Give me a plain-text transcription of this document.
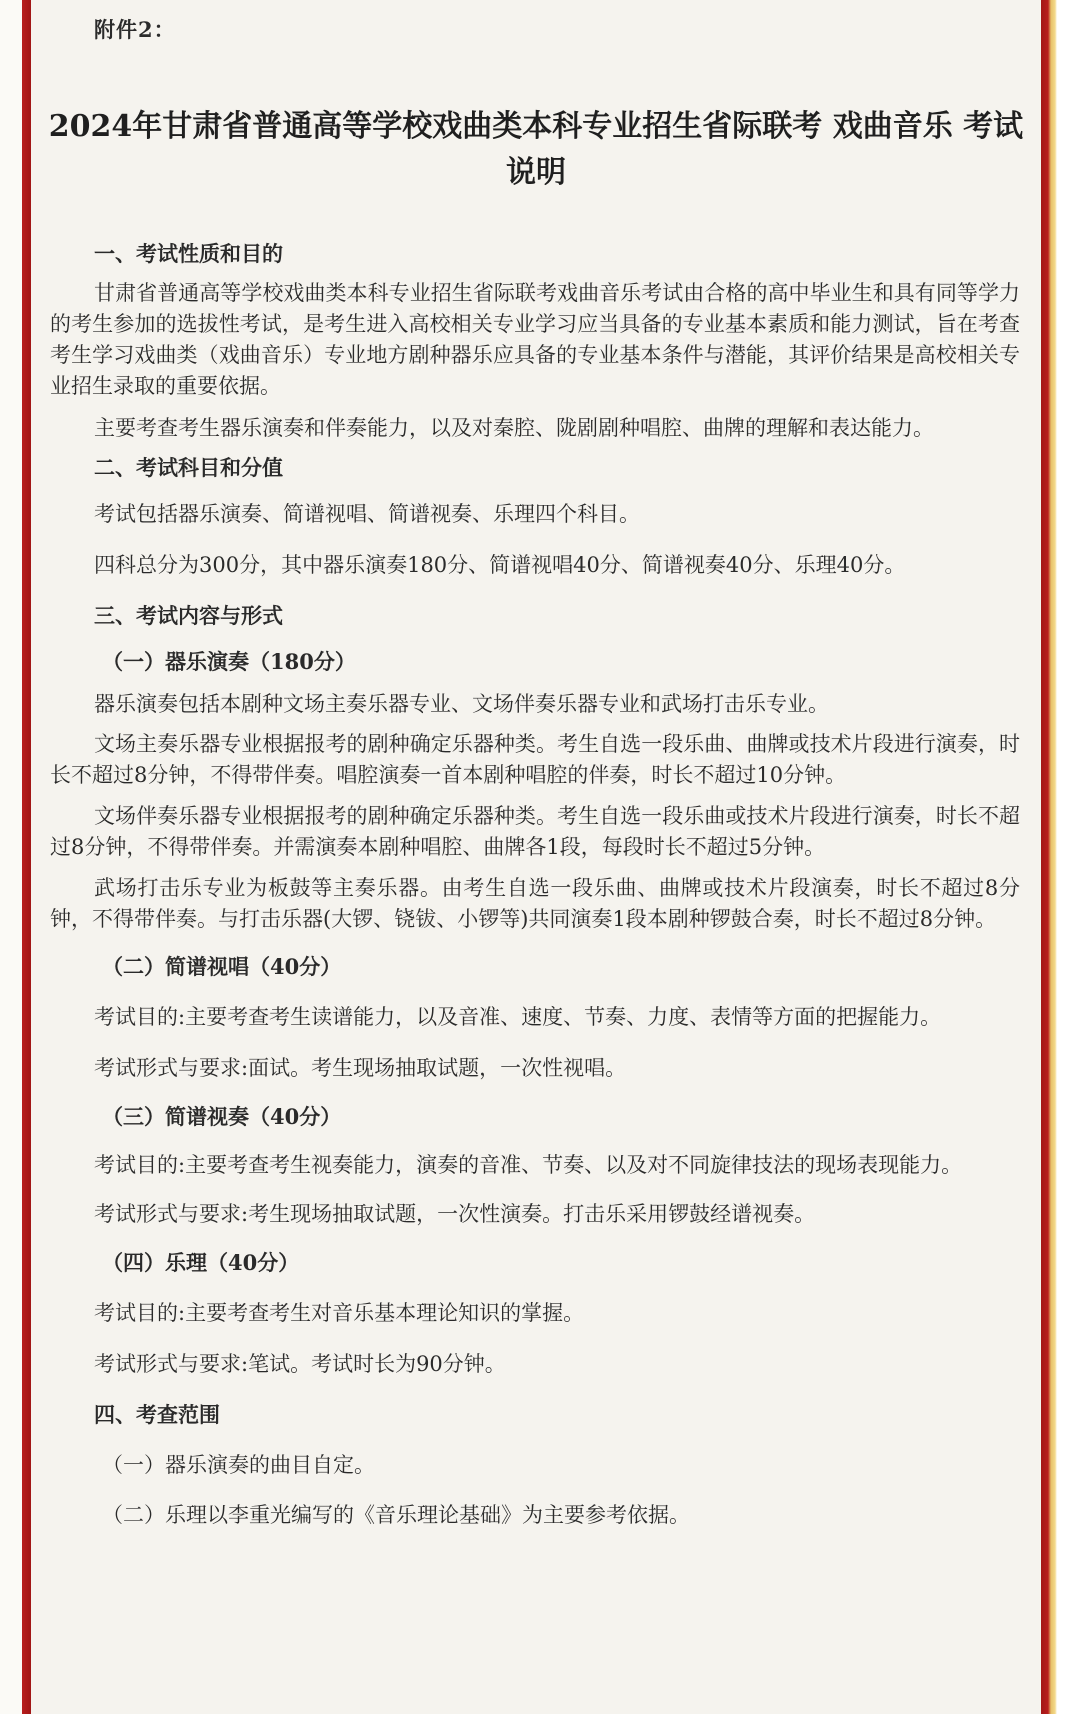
附件2：
2024年甘肃省普通高等学校戏曲类本科专业招生省际联考 戏曲音乐 考试
说明
一、考试性质和目的

甘肃省普通高等学校戏曲类本科专业招生省际联考戏曲音乐考试由合格的高中毕业生和具有同等学力的考生参加的选拔性考试，是考生进入高校相关专业学习应当具备的专业基本素质和能力测试，旨在考查考生学习戏曲类（戏曲音乐）专业地方剧种器乐应具备的专业基本条件与潜能，其评价结果是高校相关专业招生录取的重要依据。

主要考查考生器乐演奏和伴奏能力，以及对秦腔、陇剧剧种唱腔、曲牌的理解和表达能力。

二、考试科目和分值

考试包括器乐演奏、简谱视唱、简谱视奏、乐理四个科目。

四科总分为300分，其中器乐演奏180分、简谱视唱40分、简谱视奏40分、乐理40分。

三、考试内容与形式
（一）器乐演奏（180分）

器乐演奏包括本剧种文场主奏乐器专业、文场伴奏乐器专业和武场打击乐专业。

文场主奏乐器专业根据报考的剧种确定乐器种类。考生自选一段乐曲、曲牌或技术片段进行演奏，时长不超过8分钟，不得带伴奏。唱腔演奏一首本剧种唱腔的伴奏，时长不超过10分钟。

文场伴奏乐器专业根据报考的剧种确定乐器种类。考生自选一段乐曲或技术片段进行演奏，时长不超过8分钟，不得带伴奏。并需演奏本剧种唱腔、曲牌各1段，每段时长不超过5分钟。

武场打击乐专业为板鼓等主奏乐器。由考生自选一段乐曲、曲牌或技术片段演奏，时长不超过8分钟，不得带伴奏。与打击乐器(大锣、铙钹、小锣等)共同演奏1段本剧种锣鼓合奏，时长不超过8分钟。

（二）简谱视唱（40分）

考试目的:主要考查考生读谱能力，以及音准、速度、节奏、力度、表情等方面的把握能力。

考试形式与要求:面试。考生现场抽取试题，一次性视唱。

（三）简谱视奏（40分）

考试目的:主要考查考生视奏能力，演奏的音准、节奏、以及对不同旋律技法的现场表现能力。

考试形式与要求:考生现场抽取试题，一次性演奏。打击乐采用锣鼓经谱视奏。

（四）乐理（40分）

考试目的:主要考查考生对音乐基本理论知识的掌握。

考试形式与要求:笔试。考试时长为90分钟。

四、考查范围

（一）器乐演奏的曲目自定。

（二）乐理以李重光编写的《音乐理论基础》为主要参考依据。
